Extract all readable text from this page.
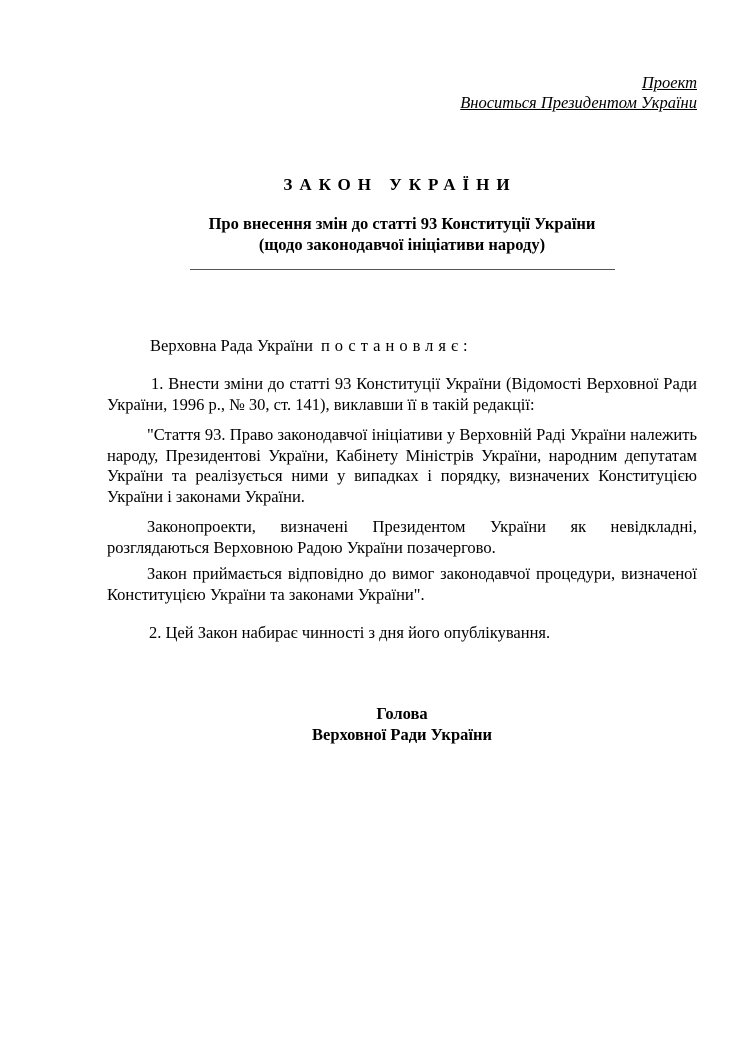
Проект
Вноситься Президентом України
ЗАКОН УКРАЇНИ
Про внесення змін до статті 93 Конституції України
(щодо законодавчої ініціативи народу)
Верховна Рада України постановляє:

1. Внести зміни до статті 93 Конституції України (Відомості Верховної Ради України, 1996 р., № 30, ст. 141), виклавши її в такій редакції:

"Стаття 93. Право законодавчої ініціативи у Верховній Раді України належить народу, Президентові України, Кабінету Міністрів України, народним депутатам України та реалізується ними у випадках і порядку, визначених Конституцією України і законами України.

Законопроекти, визначені Президентом України як невідкладні, розглядаються Верховною Радою України позачергово.

Закон приймається відповідно до вимог законодавчої процедури, визначеної Конституцією України та законами України".

2. Цей Закон набирає чинності з дня його опублікування.

Голова
Верховної Ради України
